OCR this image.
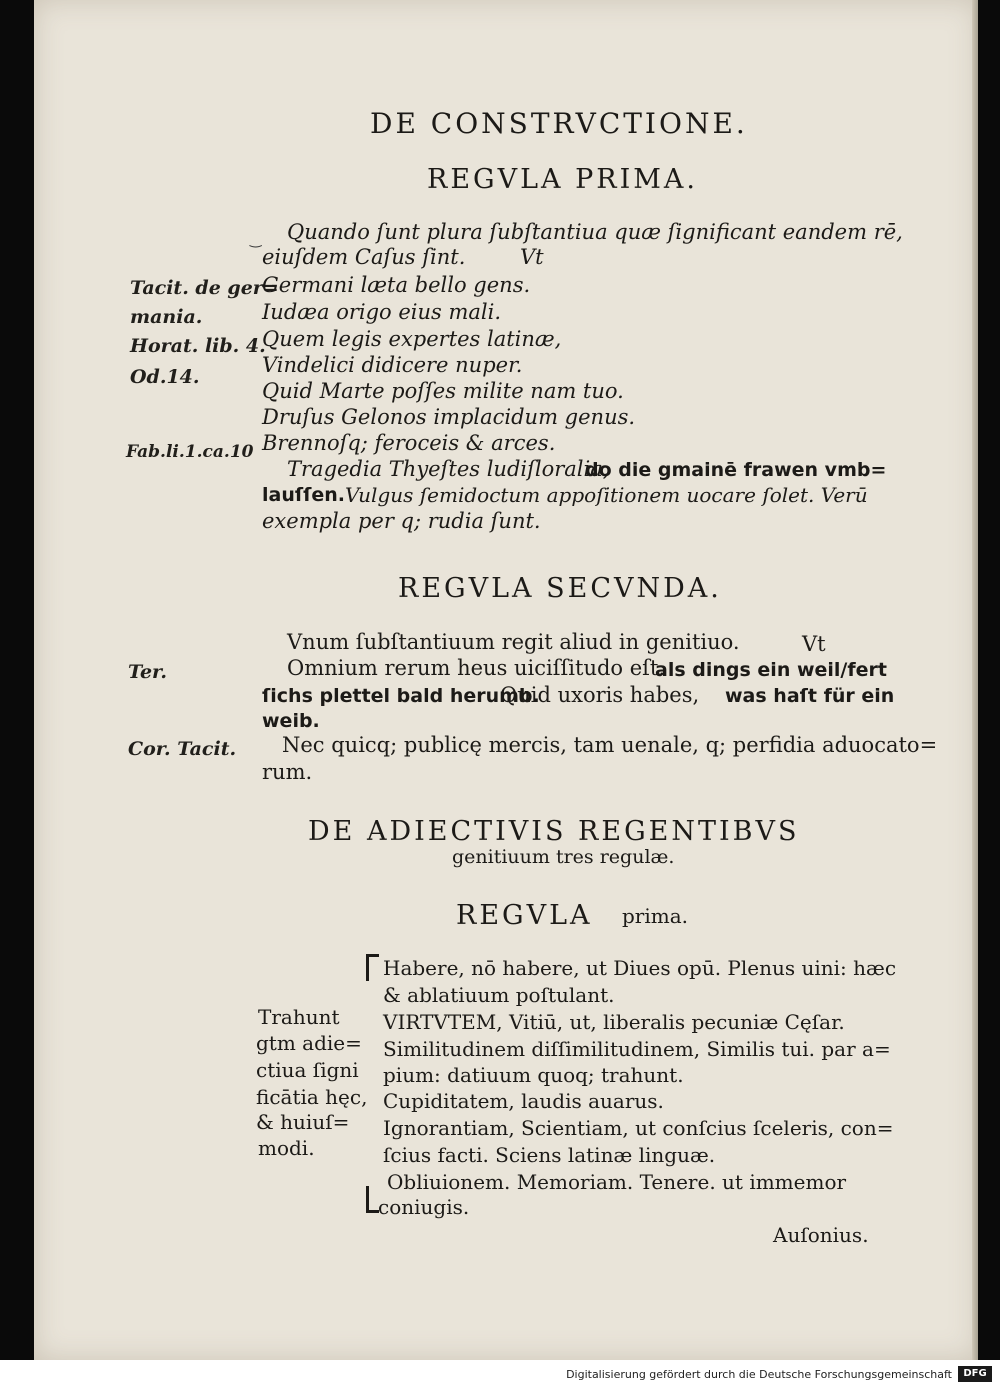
DE CONSTRVCTIONE.
REGVLA PRIMA.
‿
Tacit. de ger=
mania.
Horat. lib. 4.
Od.14.
Fab.li.1.ca.10
Quando ſunt plura ſubſtantiua quæ ſignificant eandem rē,
eiuſdem Caſus ſint.	Vt
Germani læta bello gens.
Iudæa origo eius mali.
Quem legis expertes latinæ,
Vindelici didicere nuper.
Quid Marte poſſes milite nam tuo.
Druſus Gelonos implacidum genus.
Brennoſq; feroceis & arces.
Tragedia Thyeſtes ludiſloralia,
do die gmainē frawen vmb=
lauſſen. Vulgus ſemidoctum appoſitionem uocare ſolet. Verū
exempla per q; rudia ſunt.
REGVLA SECVNDA.
Vnum ſubſtantiuum regit aliud in genitiuo.	Vt
Ter.	Omnium rerum heus uiciſſitudo eſt.
als dings ein weil/fert
ſichs plettel bald herumb.
Quid uxoris habes, was haſt für ein
weib.
Cor. Tacit. Nec quicq; publicę mercis, tam uenale, q; perfidia aduocato=
rum.
DE ADIECTIVIS REGENTIBVS
genitiuum tres regulæ.
REGVLA prima.
Trahunt
gtm adie=
ctiua ſigni
ficātia hęc,
& huiuſ=
modi.
Habere, nō habere, ut Diues opū. Plenus uini: hæc
& ablatiuum poſtulant.
VIRTVTEM, Vitiū, ut, liberalis pecuniæ Cęſar.
Similitudinem diſſimilitudinem, Similis tui. par a=
pium: datiuum quoq; trahunt.
Cupiditatem, laudis auarus.
Ignorantiam, Scientiam, ut conſcius ſceleris, con=
ſcius facti. Sciens latinæ linguæ.
Obliuionem. Memoriam. Tenere. ut immemor
coniugis.
Auſonius.
Digitalisierung gefördert durch die Deutsche Forschungsgemeinschaft	DFG
